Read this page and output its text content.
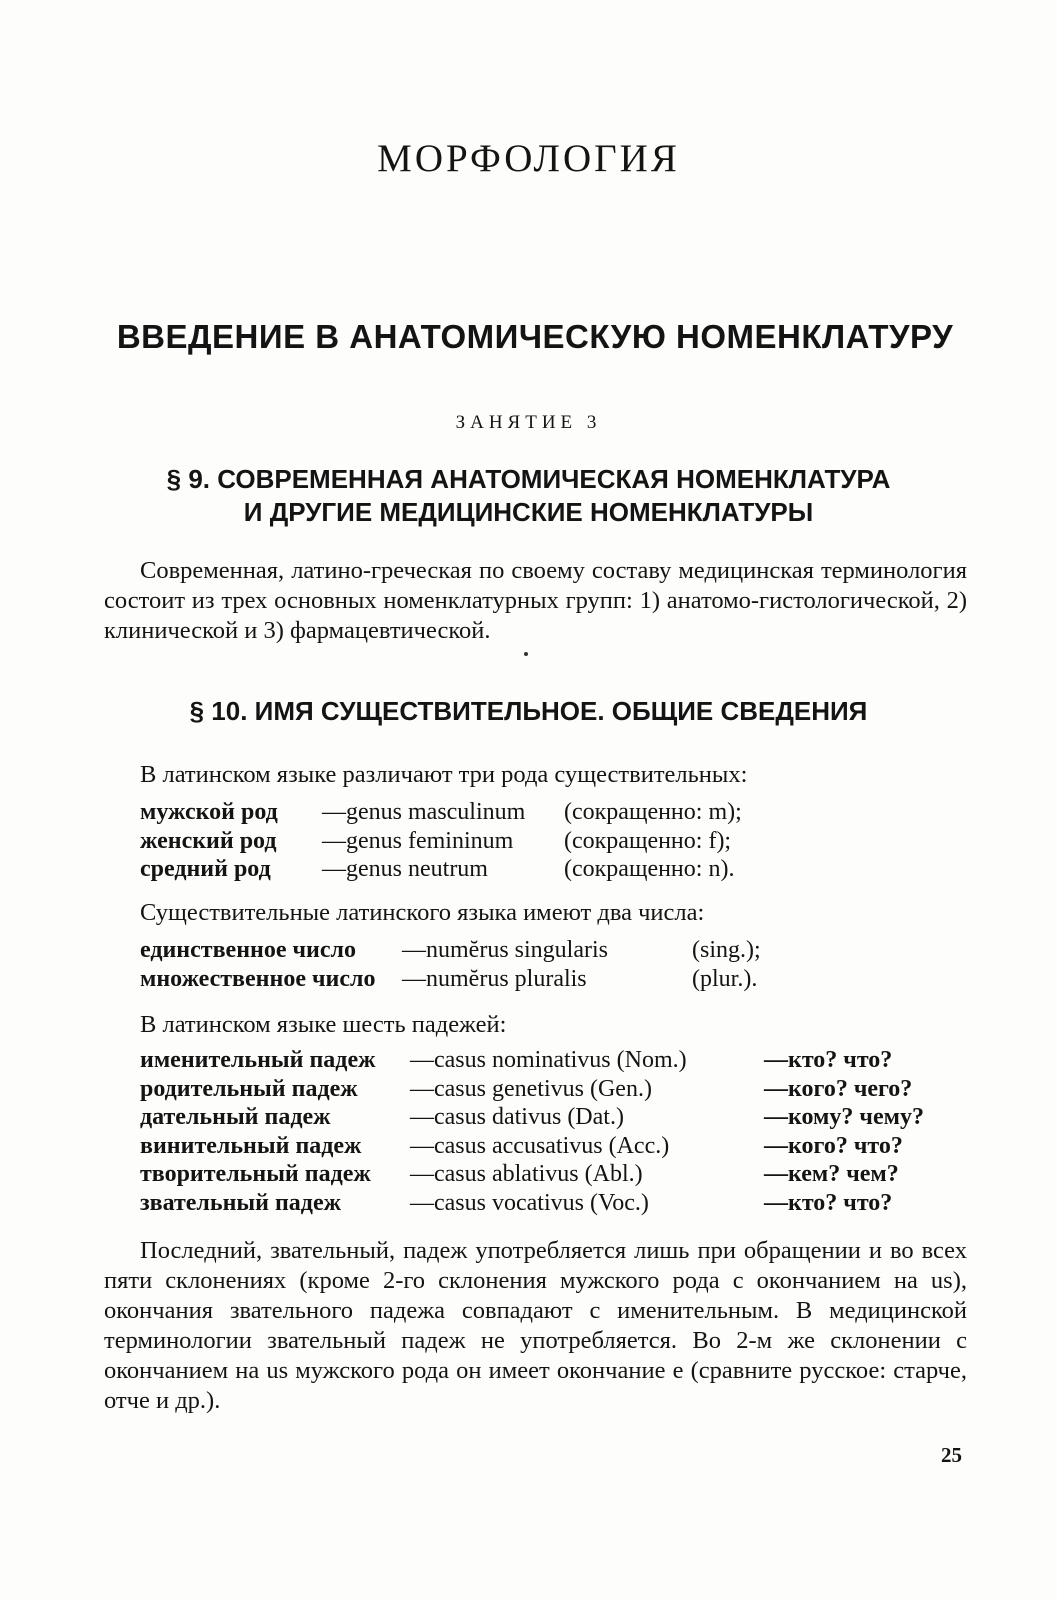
МОРФОЛОГИЯ
ВВЕДЕНИЕ В АНАТОМИЧЕСКУЮ НОМЕНКЛАТУРУ
ЗАНЯТИЕ 3
§ 9. СОВРЕМЕННАЯ АНАТОМИЧЕСКАЯ НОМЕНКЛАТУРА
И ДРУГИЕ МЕДИЦИНСКИЕ НОМЕНКЛАТУРЫ
Современная, латино-греческая по своему составу медицинская терминология состоит из трех основных номенклатурных групп: 1) анатомо-гистологической, 2) клинической и 3) фармацевтической.
§ 10. ИМЯ СУЩЕСТВИТЕЛЬНОЕ. ОБЩИЕ СВЕДЕНИЯ
В латинском языке различают три рода существительных:
мужской род	—genus masculinum	(сокращенно: m);
женский род	—genus femininum	(сокращенно: f);
средний род	—genus neutrum	(сокращенно: n).
Существительные латинского языка имеют два числа:
единственное число	—numĕrus singularis	(sing.);
множественное число	—numĕrus pluralis	(plur.).
В латинском языке шесть падежей:
именительный падеж	—casus nominativus (Nom.)	—кто? что?
родительный падеж	—casus genetivus (Gen.)	—кого? чего?
дательный падеж	—casus dativus (Dat.)	—кому? чему?
винительный падеж	—casus accusativus (Acc.)	—кого? что?
творительный падеж	—casus ablativus (Abl.)	—кем? чем?
звательный падеж	—casus vocativus (Voc.)	—кто? что?
Последний, звательный, падеж употребляется лишь при обращении и во всех пяти склонениях (кроме 2-го склонения мужского рода с окончанием на us), окончания звательного падежа совпадают с именительным. В медицинской терминологии звательный падеж не употребляется. Во 2-м же склонении с окончанием на us мужского рода он имеет окончание e (сравните русское: старче, отче и др.).
25
